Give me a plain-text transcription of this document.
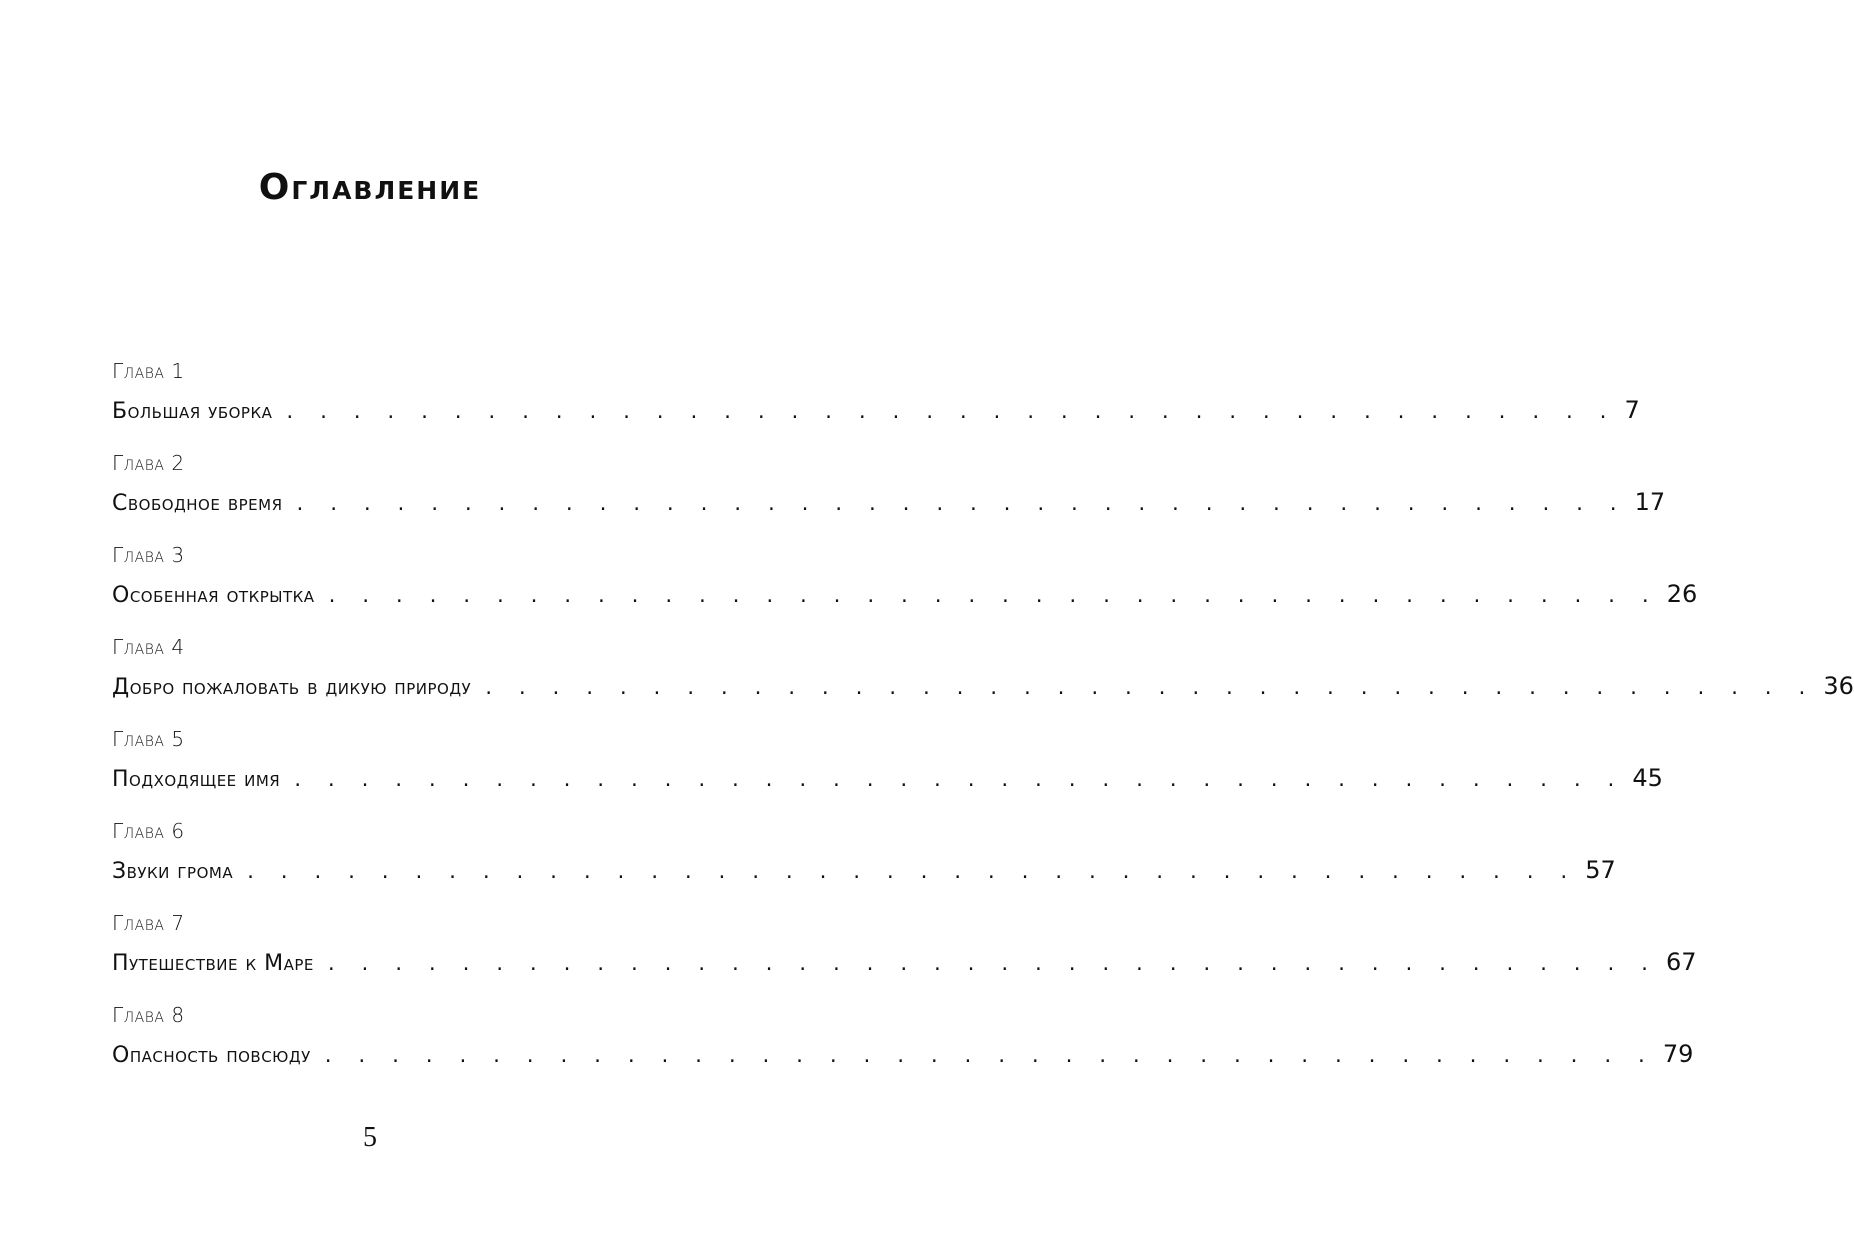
Оглавление
Глава 1
Большая уборка . . . . . . . . . . . . . . . . . . . . . . . . . . . . . . . . . . . . . . . . 7
Глава 2
Свободное время . . . . . . . . . . . . . . . . . . . . . . . . . . . . . . . . . . . . . . . . 17
Глава 3
Особенная открытка . . . . . . . . . . . . . . . . . . . . . . . . . . . . . . . . . . . . . . . . 26
Глава 4
Добро пожаловать в дикую природу . . . . . . . . . . . . . . . . . . . . . . . . . . . . . . . . . . . . . . . . 36
Глава 5
Подходящее имя . . . . . . . . . . . . . . . . . . . . . . . . . . . . . . . . . . . . . . . . 45
Глава 6
Звуки грома . . . . . . . . . . . . . . . . . . . . . . . . . . . . . . . . . . . . . . . . 57
Глава 7
Путешествие к Маре . . . . . . . . . . . . . . . . . . . . . . . . . . . . . . . . . . . . . . . . 67
Глава 8
Опасность повсюду . . . . . . . . . . . . . . . . . . . . . . . . . . . . . . . . . . . . . . . . 79
5
